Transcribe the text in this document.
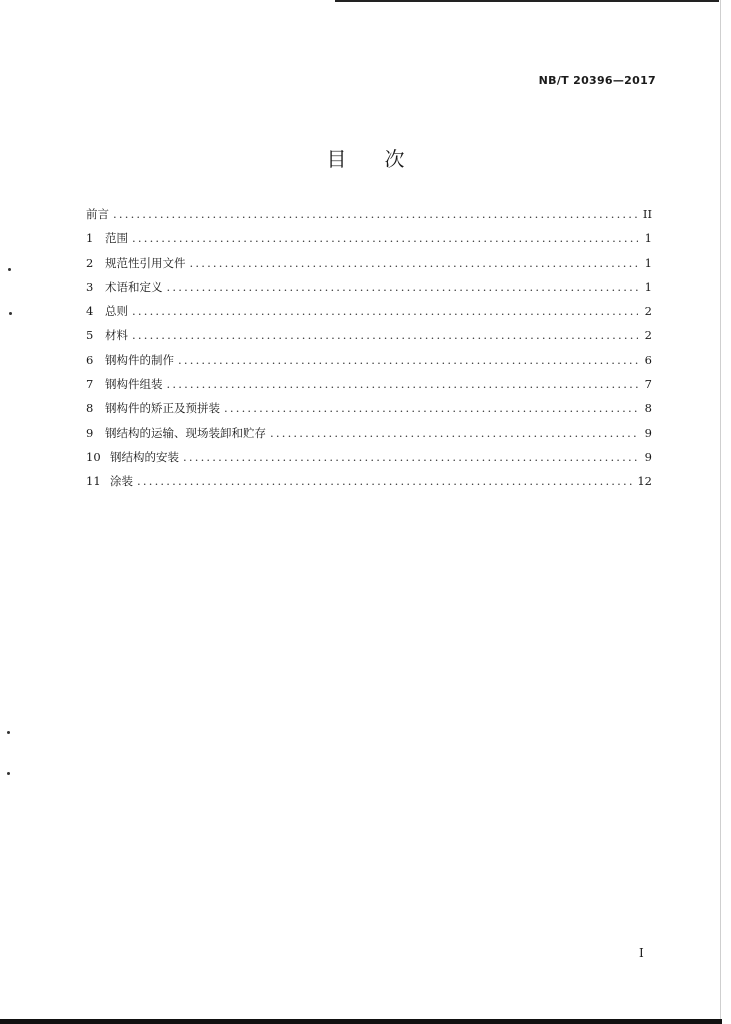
NB/T 20396—2017
目次
前言 .....	II
1	范围 .....	1
2	规范性引用文件 .....	1
3	术语和定义 .....	1
4	总则 .....	2
5	材料 .....	2
6	钢构件的制作 .....	6
7	钢构件组装 .....	7
8	钢构件的矫正及预拼装 .....	8
9	钢结构的运输、现场装卸和贮存 .....	9
10 钢结构的安装 .....	9
11 涂装 .....	12
I
